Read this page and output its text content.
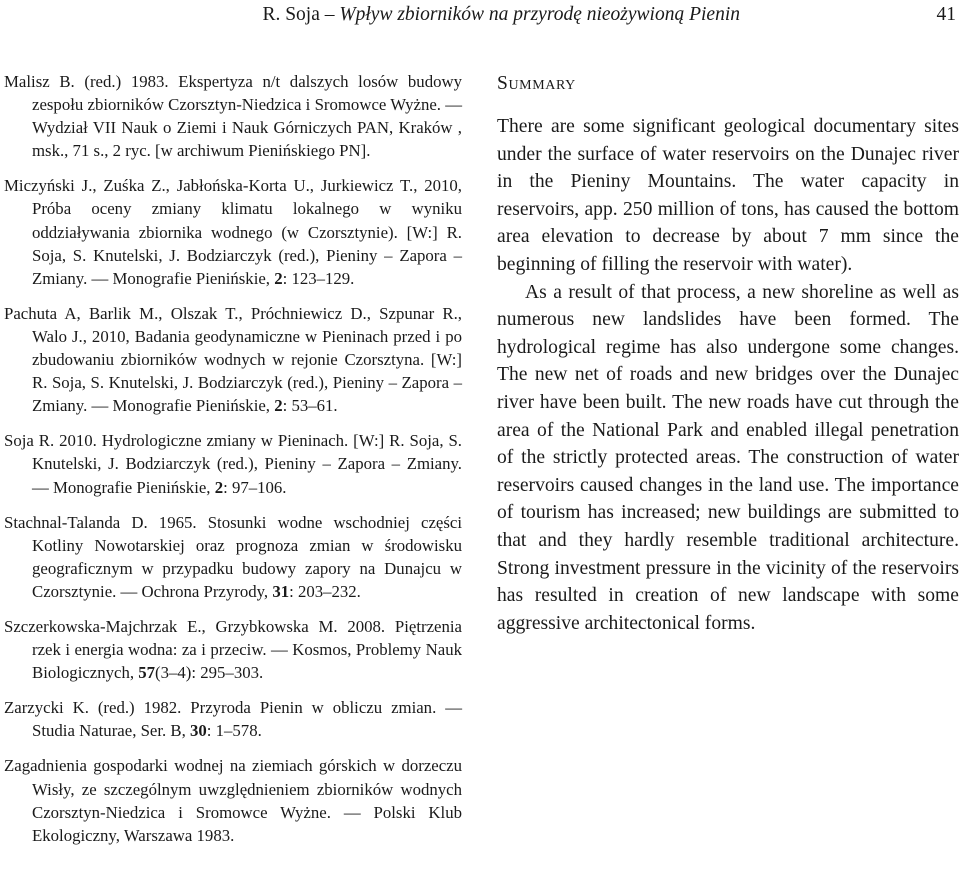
R. Soja – Wpływ zbiorników na przyrodę nieożywioną Pienin	41

Malisz B. (red.) 1983. Ekspertyza n/t dalszych losów budowy zespołu zbiorników Czorsztyn-Niedzica i Sromowce Wyżne. — Wydział VII Nauk o Ziemi i Nauk Górniczych PAN, Kraków , msk., 71 s., 2 ryc. [w archiwum Pienińskiego PN].

Miczyński J., Zuśka Z., Jabłońska-Korta U., Jurkiewicz T., 2010, Próba oceny zmiany klimatu lokalnego w wyniku oddziaływania zbiornika wodnego (w Czorsztynie). [W:] R. Soja, S. Knutelski, J. Bodziarczyk (red.), Pieniny – Zapora – Zmiany. — Monografie Pienińskie, 2: 123–129.

Pachuta A, Barlik M., Olszak T., Próchniewicz D., Szpunar R., Walo J., 2010, Badania geodynamiczne w Pieninach przed i po zbudowaniu zbiorników wodnych w rejonie Czorsztyna. [W:] R. Soja, S. Knutelski, J. Bodziarczyk (red.), Pieniny – Zapora – Zmiany. — Monografie Pienińskie, 2: 53–61.

Soja R. 2010. Hydrologiczne zmiany w Pieninach. [W:] R. Soja, S. Knutelski, J. Bodziarczyk (red.), Pieniny – Zapora – Zmiany. — Monografie Pienińskie, 2: 97–106.

Stachnal-Talanda D. 1965. Stosunki wodne wschodniej części Kotliny Nowotarskiej oraz prognoza zmian w środowisku geograficznym w przypadku budowy zapory na Dunajcu w Czorsztynie. — Ochrona Przyrody, 31: 203–232.

Szczerkowska-Majchrzak E., Grzybkowska M. 2008. Piętrzenia rzek i energia wodna: za i przeciw. — Kosmos, Problemy Nauk Biologicznych, 57(3–4): 295–303.

Zarzycki K. (red.) 1982. Przyroda Pienin w obliczu zmian. — Studia Naturae, Ser. B, 30: 1–578.

Zagadnienia gospodarki wodnej na ziemiach górskich w dorzeczu Wisły, ze szczególnym uwzględnieniem zbiorników wodnych Czorsztyn-Niedzica i Sromowce Wyżne. — Polski Klub Ekologiczny, Warszawa 1983.

Summary

There are some significant geological documentary sites under the surface of water reservoirs on the Dunajec river in the Pieniny Mountains. The water capacity in reservoirs, app. 250 million of tons, has caused the bottom area elevation to decrease by about 7 mm since the beginning of filling the reservoir with water).

As a result of that process, a new shoreline as well as numerous new landslides have been formed. The hydrological regime has also undergone some changes. The new net of roads and new bridges over the Dunajec river have been built. The new roads have cut through the area of the National Park and enabled illegal penetration of the strictly protected areas. The construction of water reservoirs caused changes in the land use. The importance of tourism has increased; new buildings are submitted to that and they hardly resemble traditional architecture. Strong investment pressure in the vicinity of the reservoirs has resulted in creation of new landscape with some aggressive architectonical forms.
